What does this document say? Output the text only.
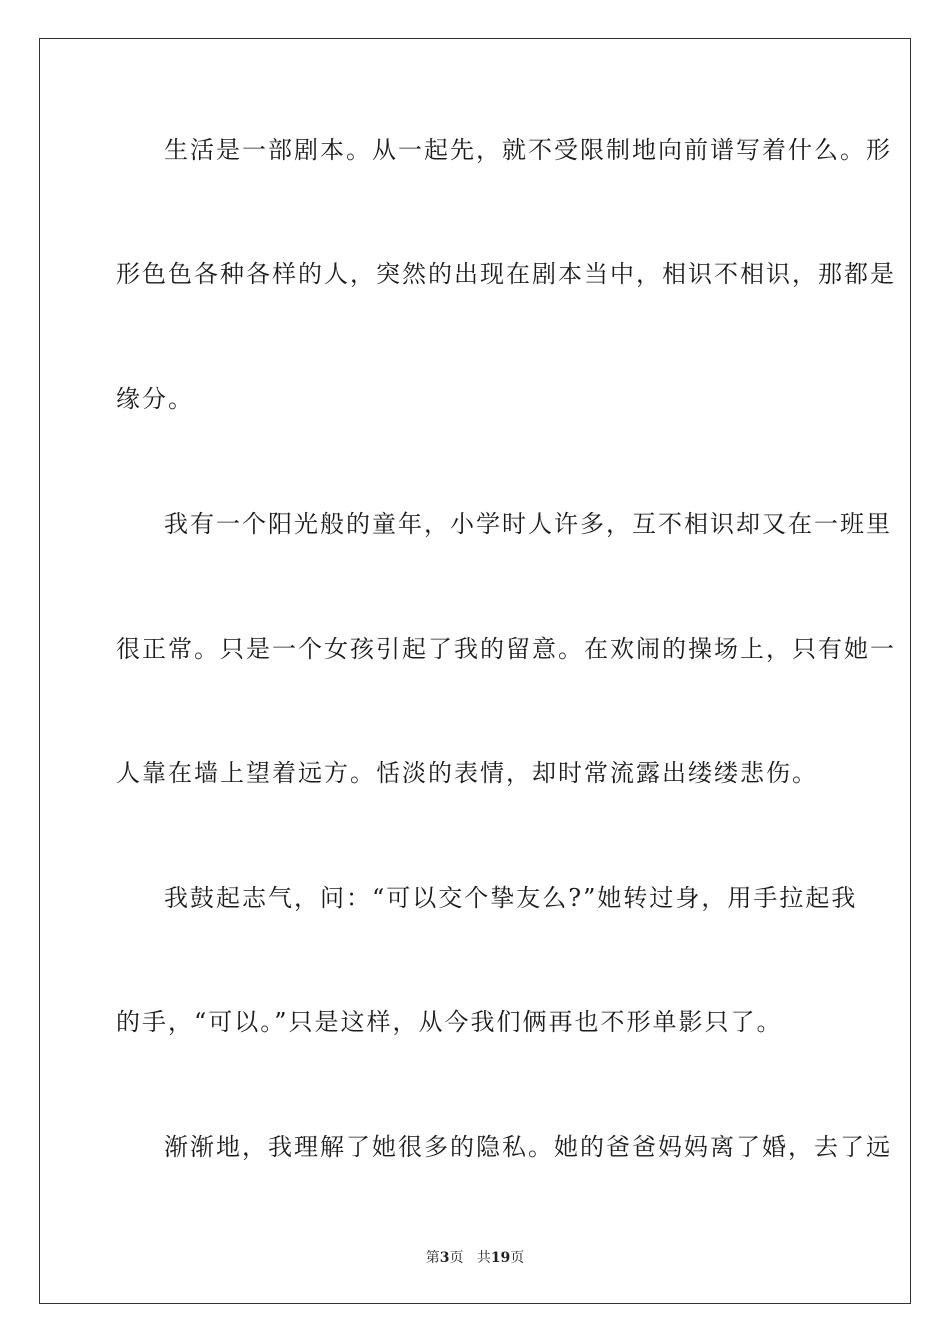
生活是一部剧本。从一起先，就不受限制地向前谱写着什么。形
形色色各种各样的人，突然的出现在剧本当中，相识不相识，那都是
缘分。
我有一个阳光般的童年，小学时人许多，互不相识却又在一班里
很正常。只是一个女孩引起了我的留意。在欢闹的操场上，只有她一
人靠在墙上望着远方。恬淡的表情，却时常流露出缕缕悲伤。
我鼓起志气，问：“可以交个挚友么?”她转过身，用手拉起我
的手，“可以。”只是这样，从今我们俩再也不形单影只了。
渐渐地，我理解了她很多的隐私。她的爸爸妈妈离了婚，去了远
第3页 共19页
